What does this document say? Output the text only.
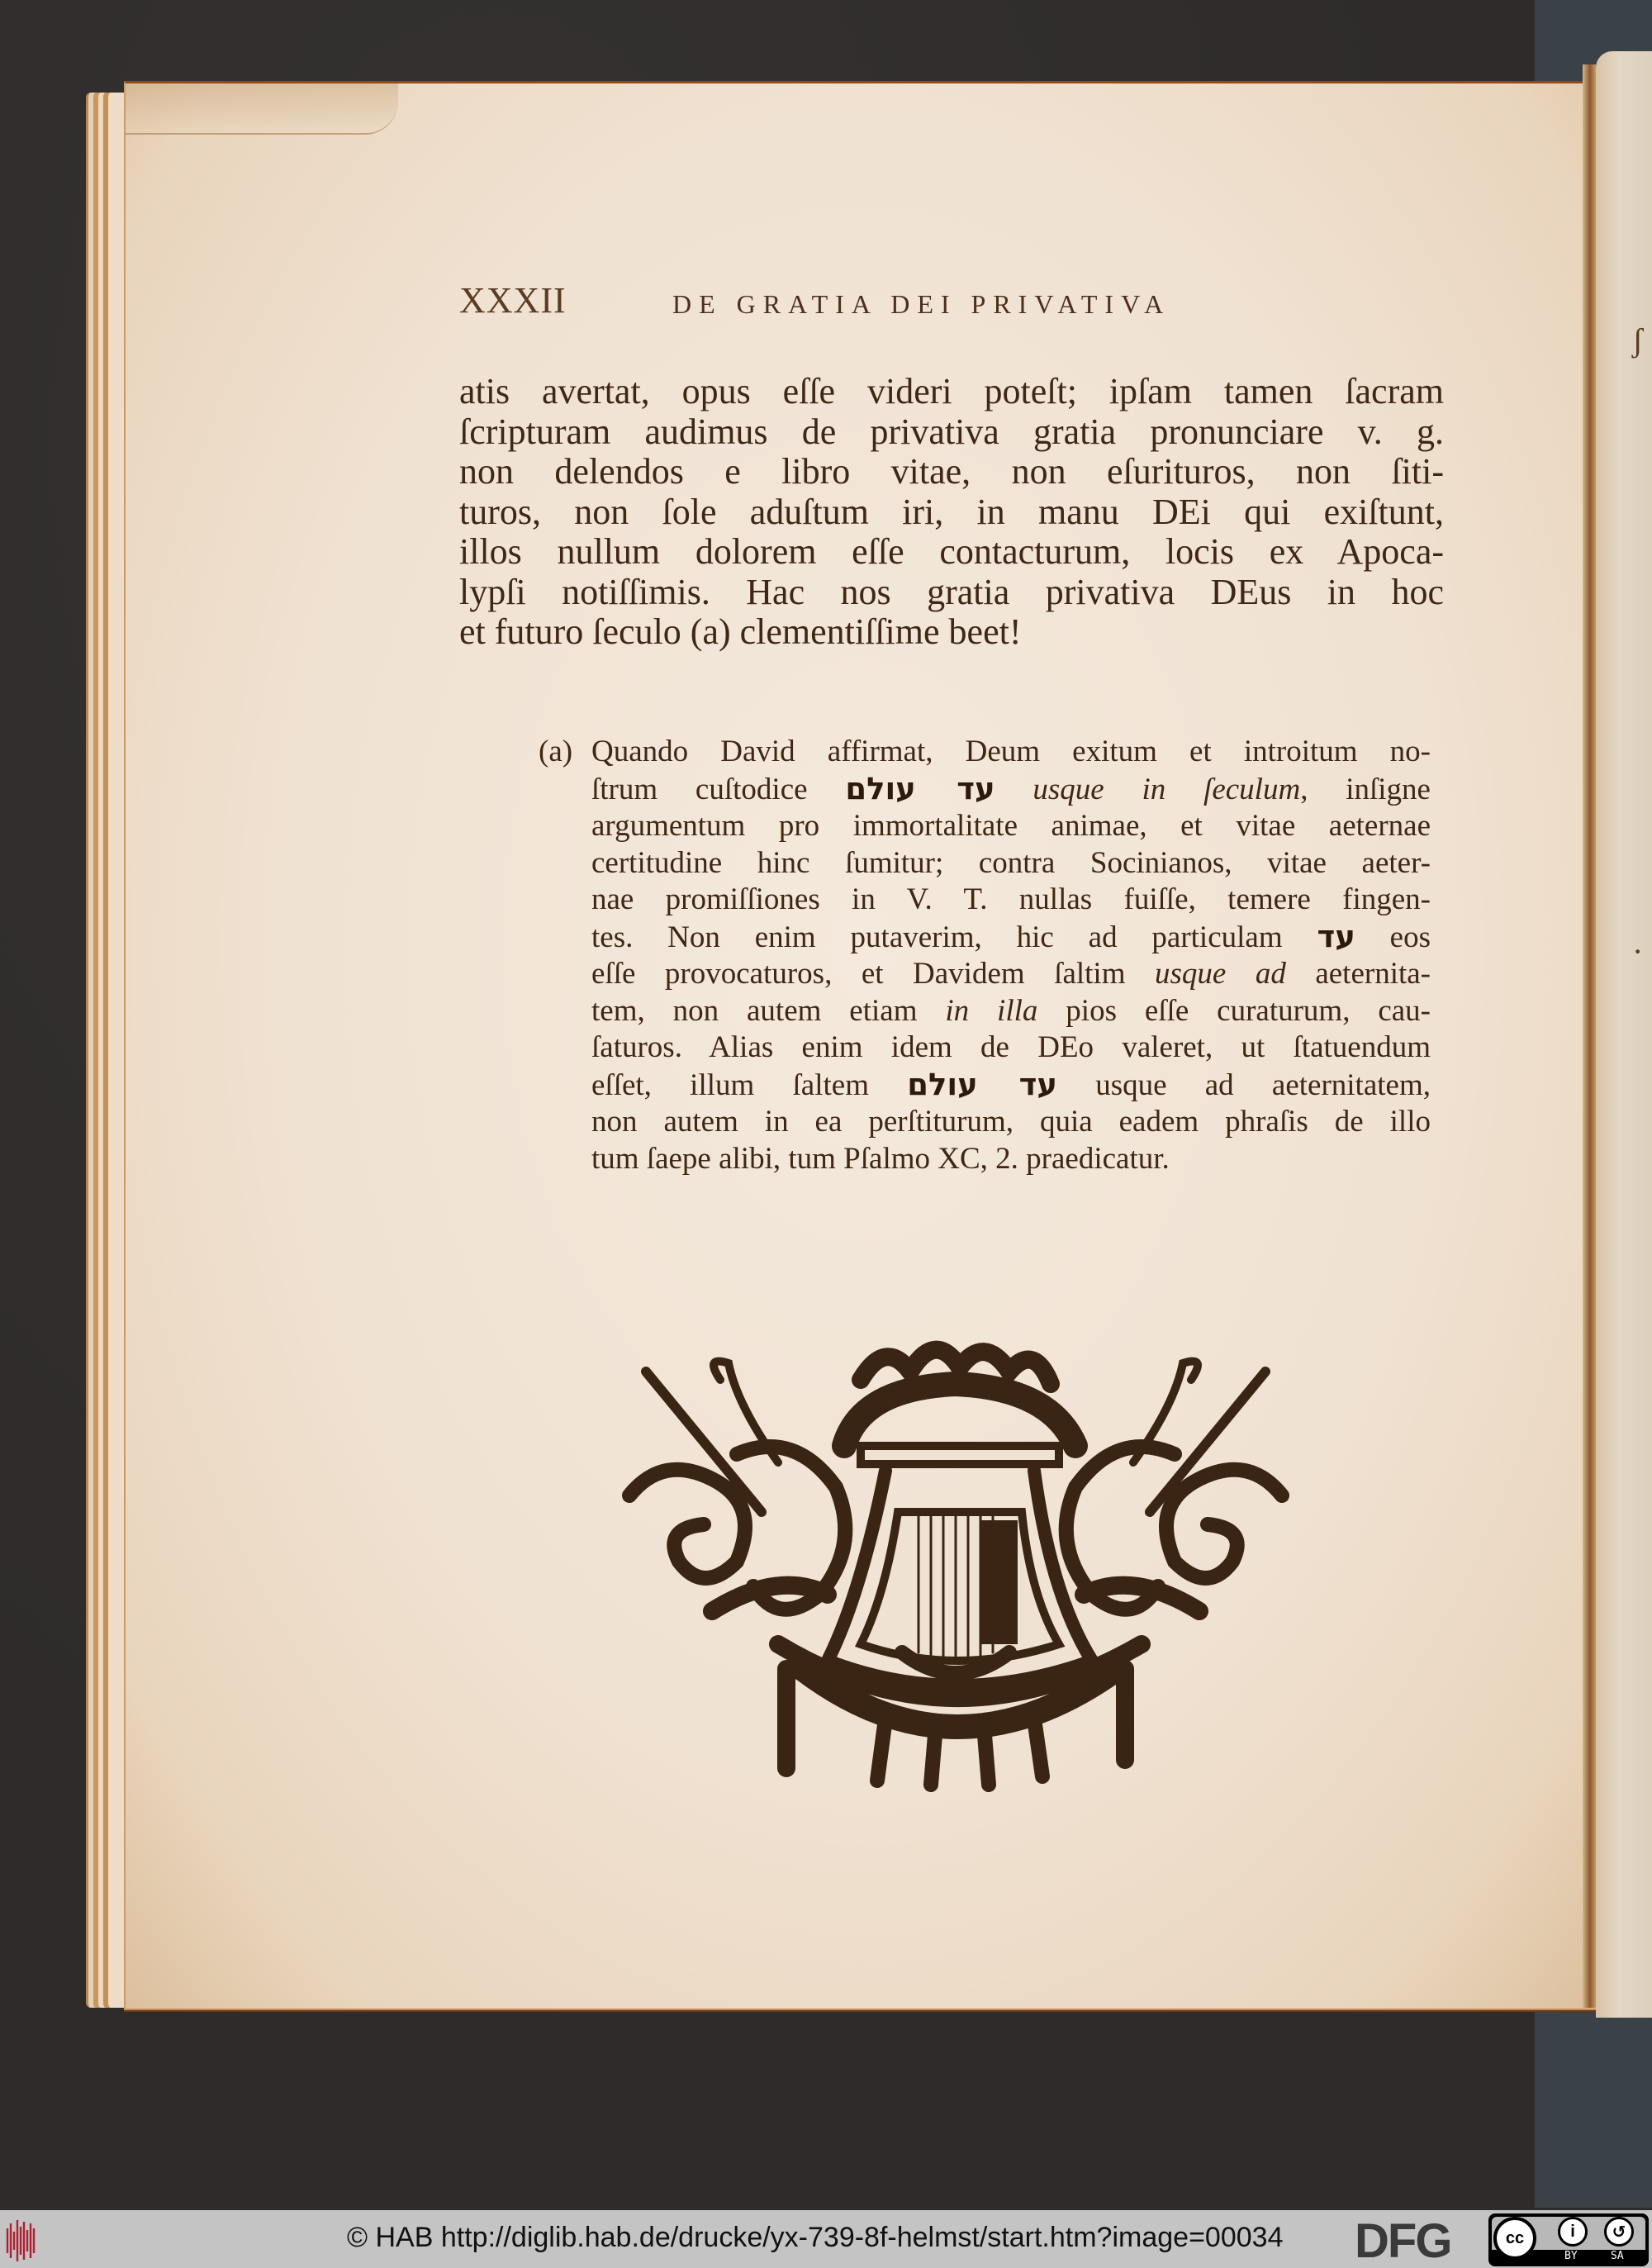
ʃ
·
XXXII	DE GRATIA DEI PRIVATIVA
atis avertat, opus eſſe videri poteſt; ipſam tamen ſacram
ſcripturam audimus de privativa gratia pronunciare v. g.
non delendos e libro vitae, non eſurituros, non ſiti-
turos, non ſole aduſtum iri, in manu DEi qui exiſtunt,
illos nullum dolorem eſſe contacturum, locis ex Apoca-
lypſi notiſſimis. Hac nos gratia privativa DEus in hoc
et futuro ſeculo (a) clementiſſime beet!
(a) Quando David affirmat, Deum exitum et introitum no-
ſtrum cuſtodice עד עולם usque in ſeculum, inſigne
argumentum pro immortalitate animae, et vitae aeternae
certitudine hinc ſumitur; contra Socinianos, vitae aeter-
nae promiſſiones in V. T. nullas fuiſſe, temere fingen-
tes. Non enim putaverim, hic ad particulam עד eos
eſſe provocaturos, et Davidem ſaltim usque ad aeternita-
tem, non autem etiam in illa pios eſſe curaturum, cau-
ſaturos. Alias enim idem de DEo valeret, ut ſtatuendum
eſſet, illum ſaltem עד עולם usque ad aeternitatem,
non autem in ea perſtiturum, quia eadem phraſis de illo
tum ſaepe alibi, tum Pſalmo XC, 2. praedicatur.
© HAB http://diglib.hab.de/drucke/yx-739-8f-helmst/start.htm?image=00034 DFG	cc	i	↺
BY	SA
